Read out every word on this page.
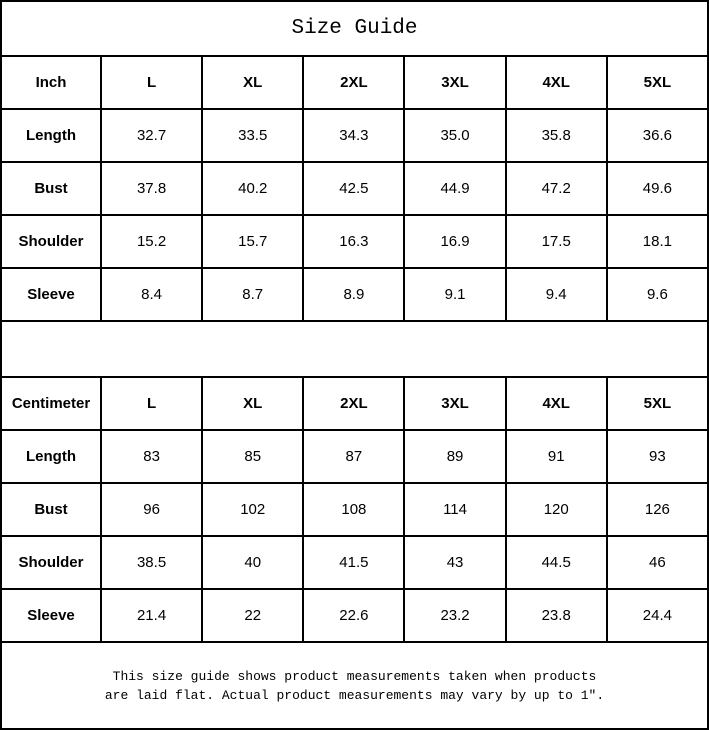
Size Guide						
Inch	L	XL	2XL	3XL	4XL	5XL
Length	32.7	33.5	34.3	35.0	35.8	36.6
Bust	37.8	40.2	42.5	44.9	47.2	49.6
Shoulder	15.2	15.7	16.3	16.9	17.5	18.1
Sleeve	8.4	8.7	8.9	9.1	9.4	9.6

Centimeter	L	XL	2XL	3XL	4XL	5XL
Length	83	85	87	89	91	93
Bust	96	102	108	114	120	126
Shoulder	38.5	40	41.5	43	44.5	46
Sleeve	21.4	22	22.6	23.2	23.8	24.4

This size guide shows product measurements taken when products
are laid flat. Actual product measurements may vary by up to 1″.						
